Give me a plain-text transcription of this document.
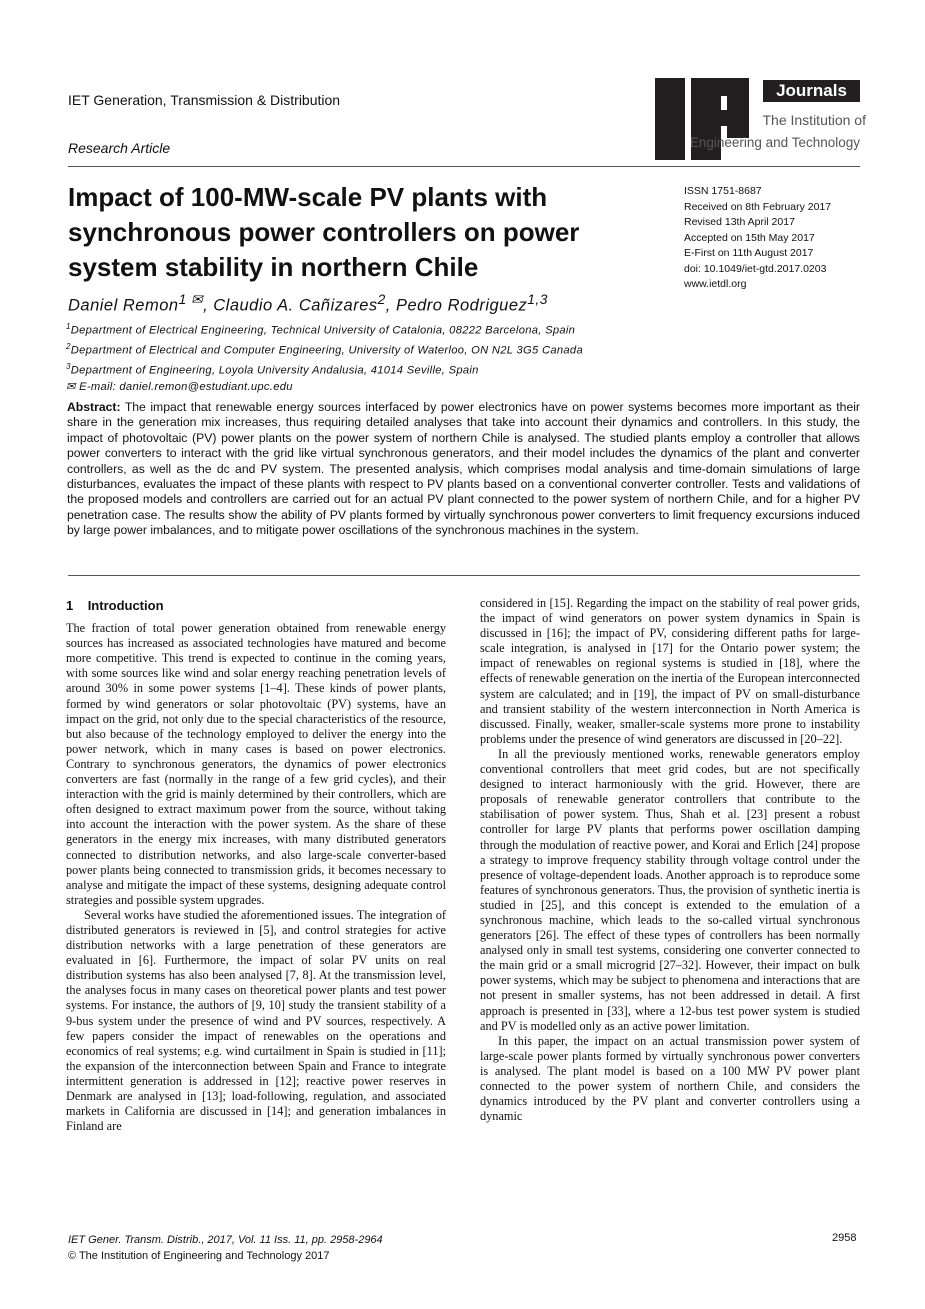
IET Generation, Transmission & Distribution
Research Article
Journals
The Institution of
Engineering and Technology
Impact of 100-MW-scale PV plants with synchronous power controllers on power system stability in northern Chile
ISSN 1751-8687
Received on 8th February 2017
Revised 13th April 2017
Accepted on 15th May 2017
E-First on 11th August 2017
doi: 10.1049/iet-gtd.2017.0203
www.ietdl.org
Daniel Remon$^{1 ✉}$, Claudio A. Cañizares$^2$, Pedro Rodriguez$^{1,3}$
$^1$Department of Electrical Engineering, Technical University of Catalonia, 08222 Barcelona, Spain
$^2$Department of Electrical and Computer Engineering, University of Waterloo, ON N2L 3G5 Canada
$^3$Department of Engineering, Loyola University Andalusia, 41014 Seville, Spain
✉ E-mail: daniel.remon@estudiant.upc.edu
Abstract: The impact that renewable energy sources interfaced by power electronics have on power systems becomes more important as their share in the generation mix increases, thus requiring detailed analyses that take into account their dynamics and controllers. In this study, the impact of photovoltaic (PV) power plants on the power system of northern Chile is analysed. The studied plants employ a controller that allows power converters to interact with the grid like virtual synchronous generators, and their model includes the dynamics of the plant and converter controllers, as well as the dc and PV system. The presented analysis, which comprises modal analysis and time-domain simulations of large disturbances, evaluates the impact of these plants with respect to PV plants based on a conventional converter controller. Tests and validations of the proposed models and controllers are carried out for an actual PV plant connected to the power system of northern Chile, and for a higher PV penetration case. The results show the ability of PV plants formed by virtually synchronous power converters to limit frequency excursions induced by large power imbalances, and to mitigate power oscillations of the synchronous machines in the system.
1 Introduction

The fraction of total power generation obtained from renewable energy sources has increased as associated technologies have matured and become more competitive. This trend is expected to continue in the coming years, with some sources like wind and solar energy reaching penetration levels of around 30% in some power systems [1–4]. These kinds of power plants, formed by wind generators or solar photovoltaic (PV) systems, have an impact on the grid, not only due to the special characteristics of the resource, but also because of the technology employed to deliver the energy into the power network, which in many cases is based on power electronics. Contrary to synchronous generators, the dynamics of power electronics converters are fast (normally in the range of a few grid cycles), and their interaction with the grid is mainly determined by their controllers, which are often designed to extract maximum power from the source, without taking into account the interaction with the power system. As the share of these generators in the energy mix increases, with many distributed generators connected to distribution networks, and also large-scale converter-based power plants being connected to transmission grids, it becomes necessary to analyse and mitigate the impact of these systems, designing adequate control strategies and possible system upgrades.

Several works have studied the aforementioned issues. The integration of distributed generators is reviewed in [5], and control strategies for active distribution networks with a large penetration of these generators are evaluated in [6]. Furthermore, the impact of solar PV units on real distribution systems has also been analysed [7, 8]. At the transmission level, the analyses focus in many cases on theoretical power plants and test power systems. For instance, the authors of [9, 10] study the transient stability of a 9-bus system under the presence of wind and PV sources, respectively. A few papers consider the impact of renewables on the operations and economics of real systems; e.g. wind curtailment in Spain is studied in [11]; the expansion of the interconnection between Spain and France to integrate intermittent generation is addressed in [12]; reactive power reserves in Denmark are analysed in [13]; load-following, regulation, and associated markets in California are discussed in [14]; and generation imbalances in Finland are

considered in [15]. Regarding the impact on the stability of real power grids, the impact of wind generators on power system dynamics in Spain is discussed in [16]; the impact of PV, considering different paths for large-scale integration, is analysed in [17] for the Ontario power system; the impact of renewables on regional systems is studied in [18], where the effects of renewable generation on the inertia of the European interconnected system are calculated; and in [19], the impact of PV on small-disturbance and transient stability of the western interconnection in North America is discussed. Finally, weaker, smaller-scale systems more prone to instability problems under the presence of wind generators are discussed in [20–22].

In all the previously mentioned works, renewable generators employ conventional controllers that meet grid codes, but are not specifically designed to interact harmoniously with the grid. However, there are proposals of renewable generator controllers that contribute to the stabilisation of power system. Thus, Shah et al. [23] present a robust controller for large PV plants that performs power oscillation damping through the modulation of reactive power, and Korai and Erlich [24] propose a strategy to improve frequency stability through voltage control under the presence of voltage-dependent loads. Another approach is to reproduce some features of synchronous generators. Thus, the provision of synthetic inertia is studied in [25], and this concept is extended to the emulation of a synchronous machine, which leads to the so-called virtual synchronous generators [26]. The effect of these types of controllers has been normally analysed only in small test systems, considering one converter connected to the main grid or a small microgrid [27–32]. However, their impact on bulk power systems, which may be subject to phenomena and interactions that are not present in smaller systems, has not been addressed in detail. A first approach is presented in [33], where a 12-bus test power system is studied and PV is modelled only as an active power limitation.

In this paper, the impact on an actual transmission power system of large-scale power plants formed by virtually synchronous power converters is analysed. The plant model is based on a 100 MW PV power plant connected to the power system of northern Chile, and considers the dynamics introduced by the PV plant and converter controllers using a dynamic

IET Gener. Transm. Distrib., 2017, Vol. 11 Iss. 11, pp. 2958-2964
© The Institution of Engineering and Technology 2017
2958
